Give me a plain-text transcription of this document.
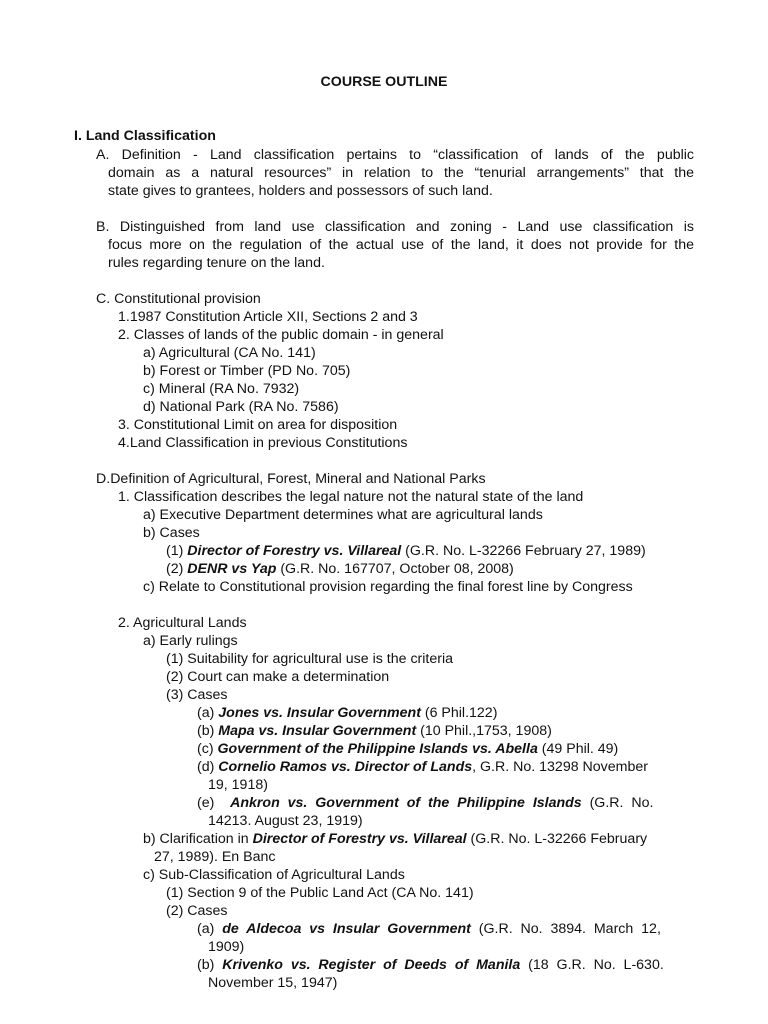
COURSE OUTLINE
I. Land Classification
A. Definition - Land classification pertains to “classification of lands of the public
domain as a natural resources” in relation to the “tenurial arrangements” that the
state gives to grantees, holders and possessors of such land.
B. Distinguished from land use classification and zoning - Land use classification is
focus more on the regulation of the actual use of the land, it does not provide for the
rules regarding tenure on the land.
C. Constitutional provision
1.1987 Constitution Article XII, Sections 2 and 3
2. Classes of lands of the public domain - in general
a) Agricultural (CA No. 141)
b) Forest or Timber (PD No. 705)
c) Mineral (RA No. 7932)
d) National Park (RA No. 7586)
3. Constitutional Limit on area for disposition
4.Land Classification in previous Constitutions
D.Definition of Agricultural, Forest, Mineral and National Parks
1. Classification describes the legal nature not the natural state of the land
a) Executive Department determines what are agricultural lands
b) Cases
(1) Director of Forestry vs. Villareal (G.R. No. L-32266 February 27, 1989)
(2) DENR vs Yap (G.R. No. 167707, October 08, 2008)
c) Relate to Constitutional provision regarding the final forest line by Congress
2. Agricultural Lands
a) Early rulings
(1) Suitability for agricultural use is the criteria
(2) Court can make a determination
(3) Cases
(a) Jones vs. Insular Government (6 Phil.122)
(b) Mapa vs. Insular Government (10 Phil.,1753, 1908)
(c) Government of the Philippine Islands vs. Abella (49 Phil. 49)
(d) Cornelio Ramos vs. Director of Lands, G.R. No. 13298 November
19, 1918)
(e)    Ankron  vs.  Government  of  the  Philippine  Islands  (G.R.  No.
14213. August 23, 1919)
b) Clarification in Director of Forestry vs. Villareal (G.R. No. L-32266 February
27, 1989). En Banc
c) Sub-Classification of Agricultural Lands
(1) Section 9 of the Public Land Act (CA No. 141)
(2) Cases
(a)  de  Aldecoa  vs  Insular  Government  (G.R.  No.  3894.  March  12,
1909)
(b)  Krivenko  vs.  Register  of  Deeds  of  Manila  (18  G.R.  No.  L-630.
November 15, 1947)
